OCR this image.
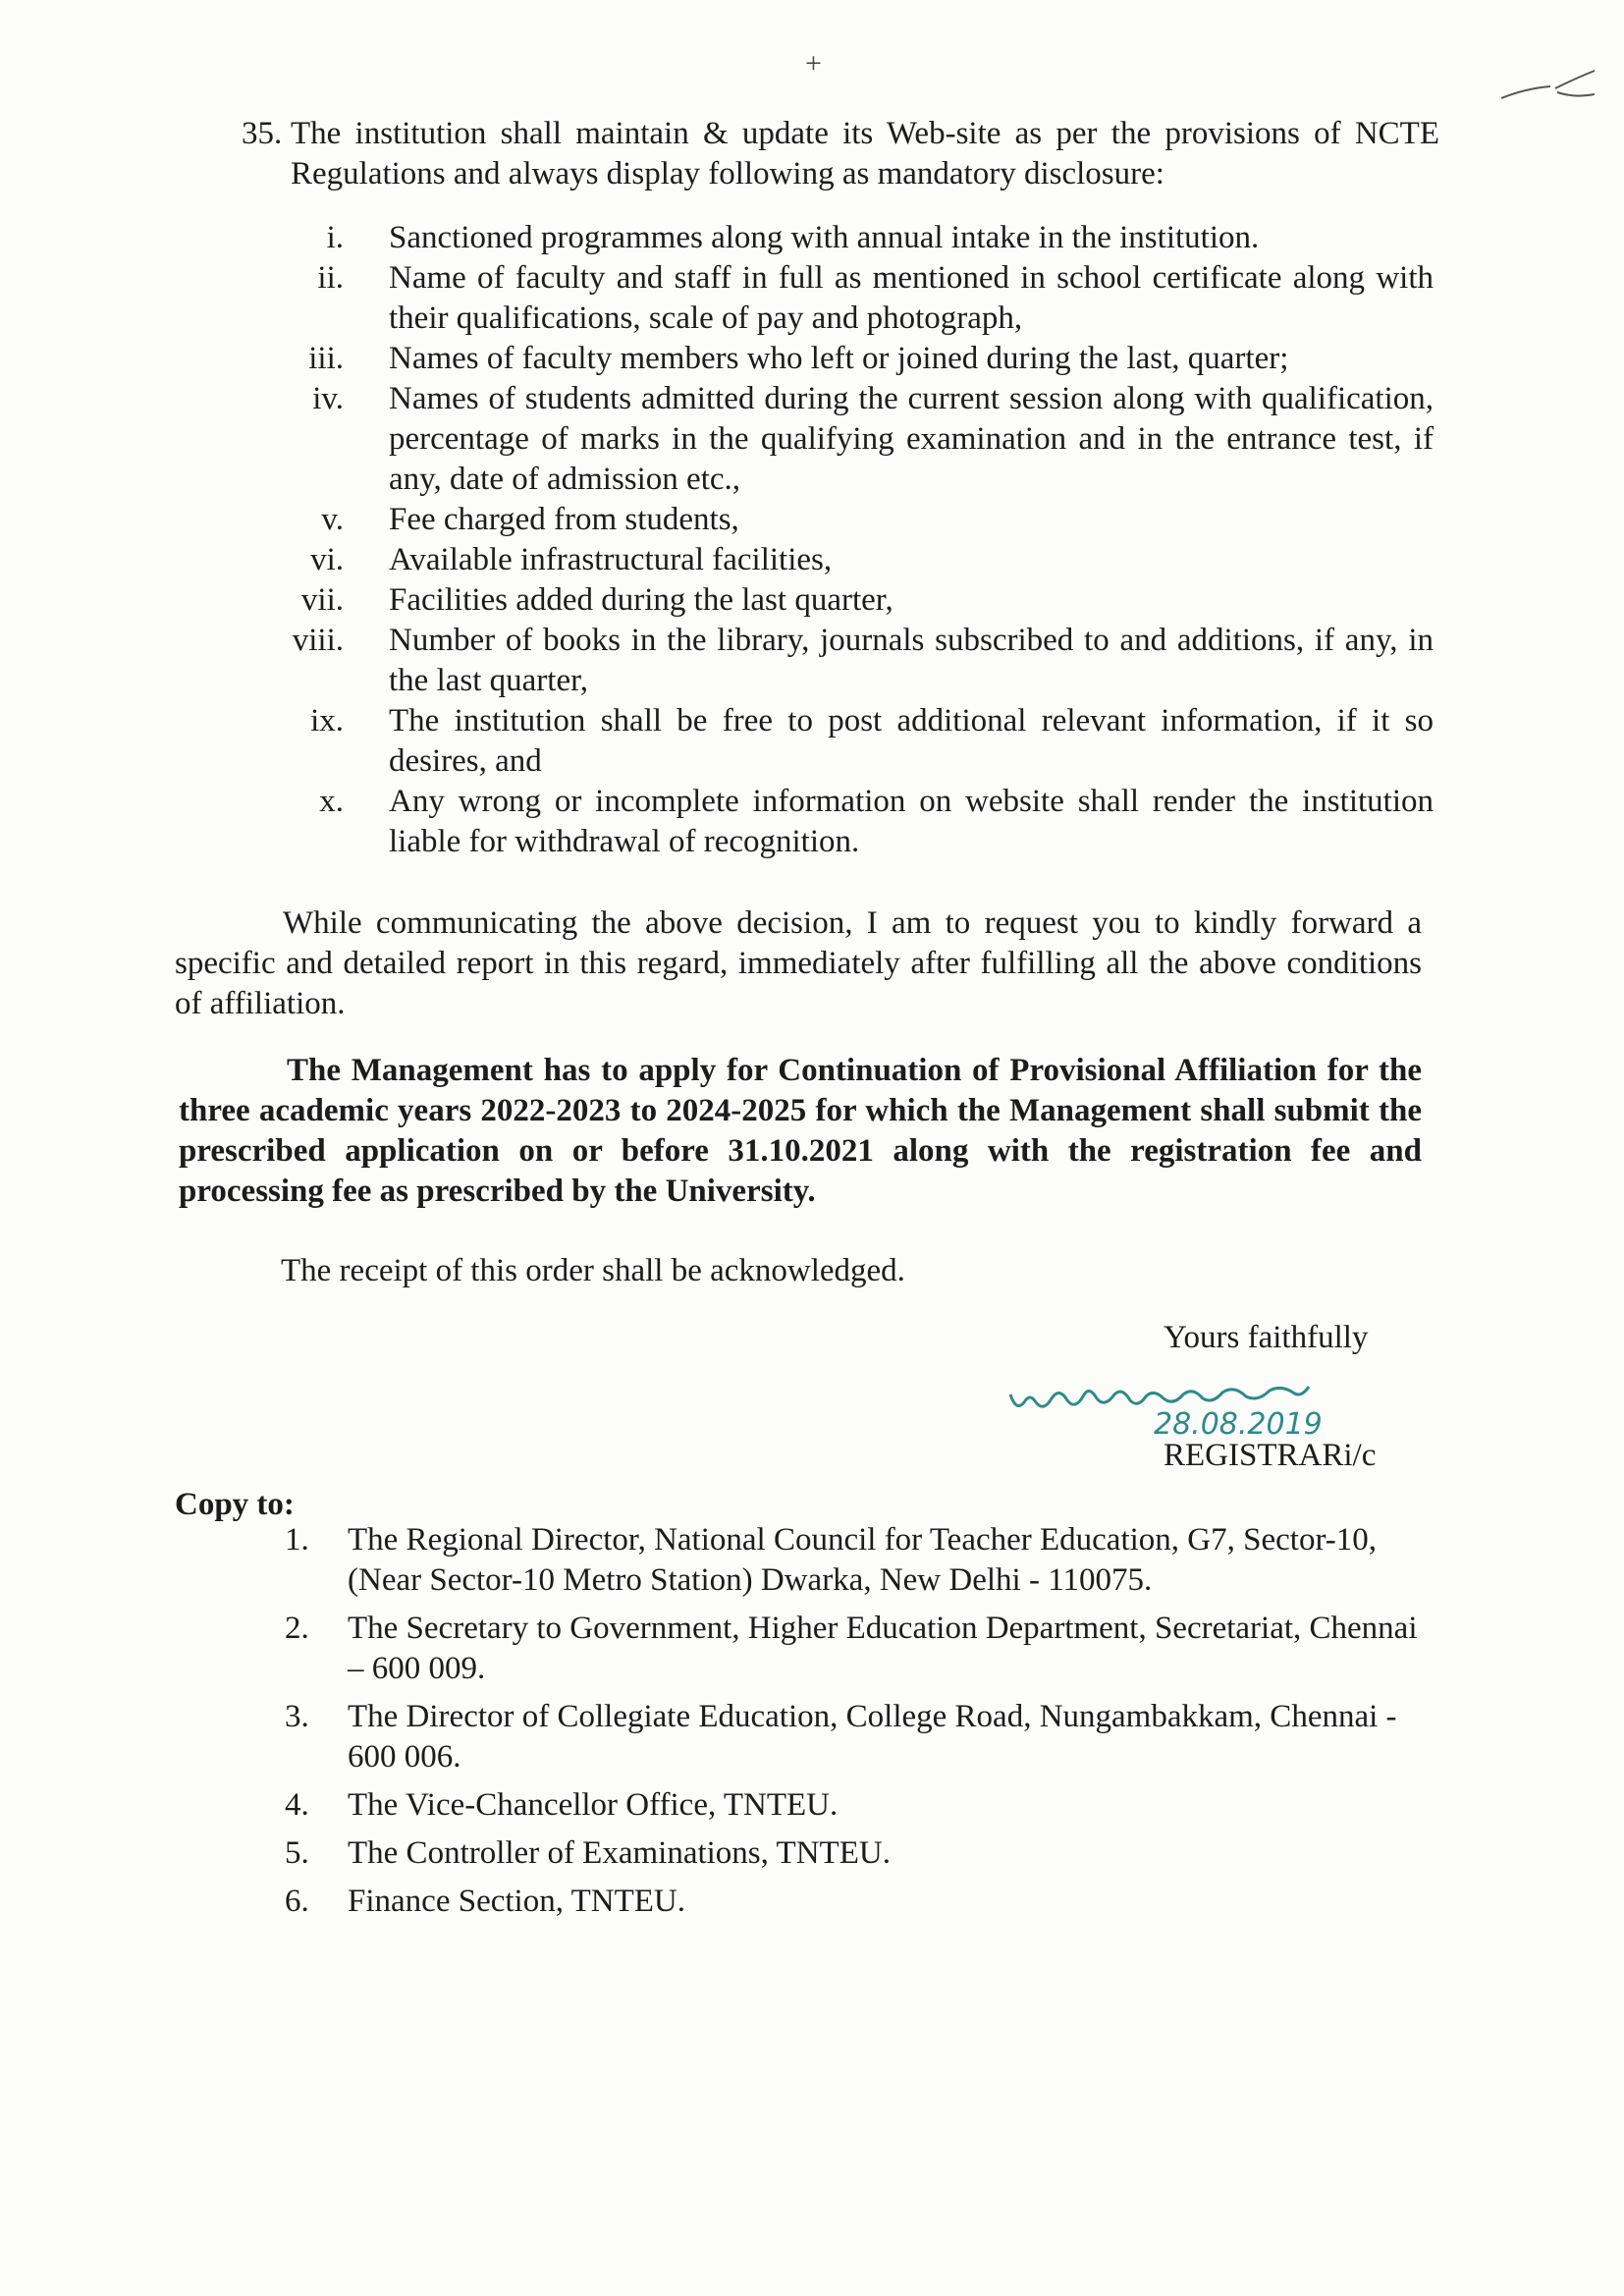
+
35. The institution shall maintain & update its Web-site as per the provisions of NCTE Regulations and always display following as mandatory disclosure:
i.	Sanctioned programmes along with annual intake in the institution.
ii.	Name of faculty and staff in full as mentioned in school certificate along with their qualifications, scale of pay and photograph,
iii.	Names of faculty members who left or joined during the last, quarter;
iv.	Names of students admitted during the current session along with qualification, percentage of marks in the qualifying examination and in the entrance test, if any, date of admission etc.,
v.	Fee charged from students,
vi.	Available infrastructural facilities,
vii.	Facilities added during the last quarter,
viii.	Number of books in the library, journals subscribed to and additions, if any, in the last quarter,
ix.	The institution shall be free to post additional relevant information, if it so desires, and
x.	Any wrong or incomplete information on website shall render the institution liable for withdrawal of recognition.
While communicating the above decision, I am to request you to kindly forward a specific and detailed report in this regard, immediately after fulfilling all the above conditions of affiliation.
The Management has to apply for Continuation of Provisional Affiliation for the three academic years 2022-2023 to 2024-2025 for which the Management shall submit the prescribed application on or before 31.10.2021 along with the registration fee and processing fee as prescribed by the University.
The receipt of this order shall be acknowledged.
Yours faithfully
28.08.2019
REGISTRARi/c
Copy to:
1.	The Regional Director, National Council for Teacher Education, G7, Sector-10, (Near Sector-10 Metro Station) Dwarka, New Delhi - 110075.
2.	The Secretary to Government, Higher Education Department, Secretariat, Chennai – 600 009.
3.	The Director of Collegiate Education, College Road, Nungambakkam, Chennai - 600 006.
4.	The Vice-Chancellor Office, TNTEU.
5.	The Controller of Examinations, TNTEU.
6.	Finance Section, TNTEU.
